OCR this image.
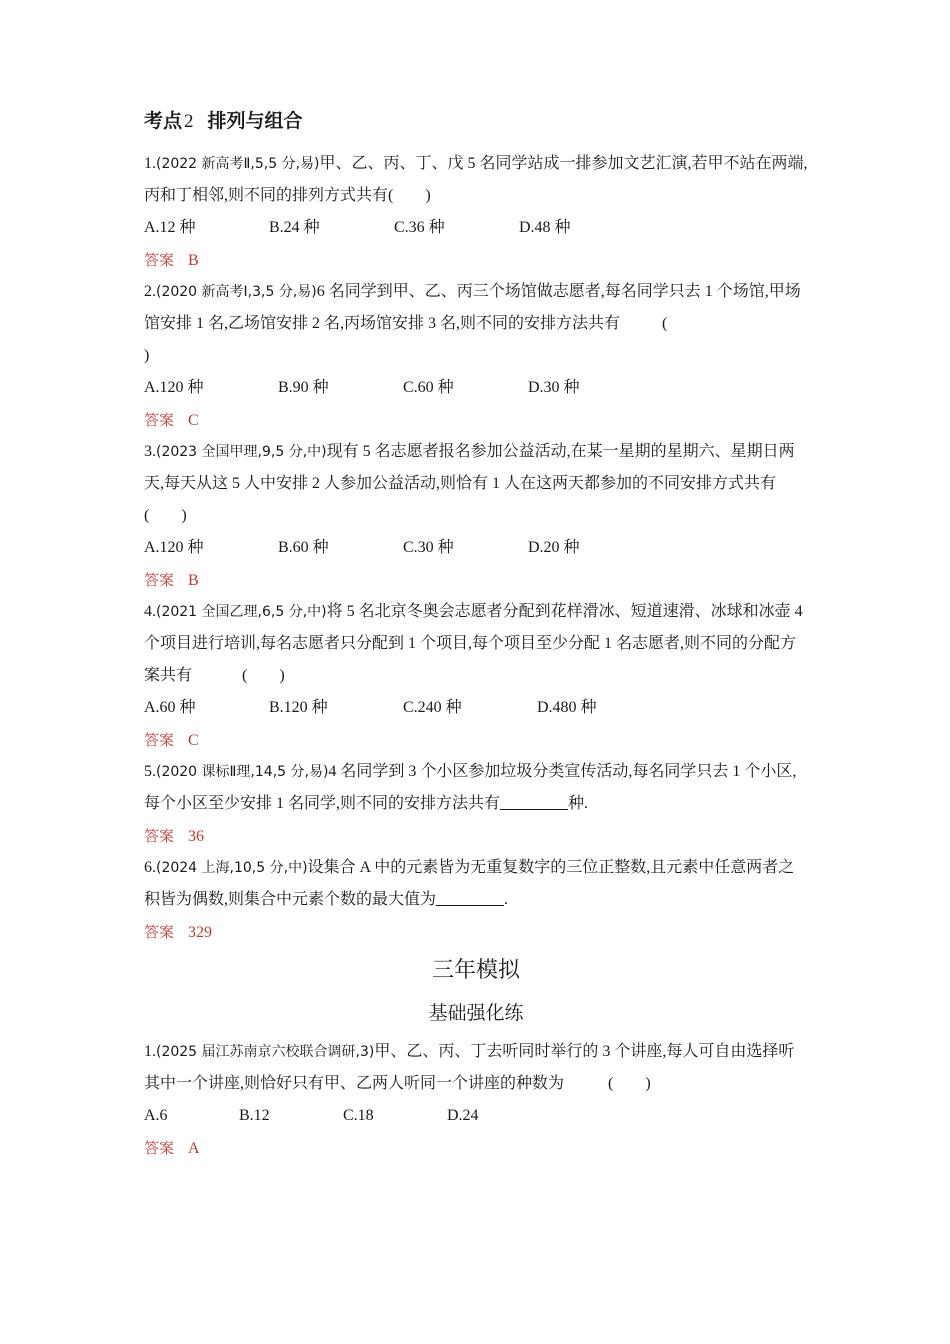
考点 2 排列与组合

1.(2022 新高考Ⅱ,5,5 分,易)甲、乙、丙、丁、戊 5 名同学站成一排参加文艺汇演,若甲不站在两端,丙和丁相邻,则不同的排列方式共有(　　)

A.12 种	B.24 种	C.36 种	D.48 种
答案 B

2.(2020 新高考Ⅰ,3,5 分,易)6 名同学到甲、乙、丙三个场馆做志愿者,每名同学只去 1 个场馆,甲场馆安排 1 名,乙场馆安排 2 名,丙场馆安排 3 名,则不同的安排方法共有	(
)

A.120 种	B.90 种	C.60 种	D.30 种
答案 C

3.(2023 全国甲理,9,5 分,中)现有 5 名志愿者报名参加公益活动,在某一星期的星期六、星期日两天,每天从这 5 人中安排 2 人参加公益活动,则恰有 1 人在这两天都参加的不同安排方式共有(　　)

A.120 种	B.60 种	C.30 种	D.20 种
答案 B

4.(2021 全国乙理,6,5 分,中)将 5 名北京冬奥会志愿者分配到花样滑冰、短道速滑、冰球和冰壶 4 个项目进行培训,每名志愿者只分配到 1 个项目,每个项目至少分配 1 名志愿者,则不同的分配方案共有	(　　)

A.60 种	B.120 种	C.240 种	D.480 种
答案 C

5.(2020 课标Ⅱ理,14,5 分,易)4 名同学到 3 个小区参加垃圾分类宣传活动,每名同学只去 1 个小区,每个小区至少安排 1 名同学,则不同的安排方法共有	种.

答案 36

6.(2024 上海,10,5 分,中)设集合 A 中的元素皆为无重复数字的三位正整数,且元素中任意两者之积皆为偶数,则集合中元素个数的最大值为	.

答案 329
三年模拟
基础强化练

1.(2025 届江苏南京六校联合调研,3)甲、乙、丙、丁去听同时举行的 3 个讲座,每人可自由选择听其中一个讲座,则恰好只有甲、乙两人听同一个讲座的种数为	(　　)

A.6	B.12	C.18	D.24
答案 A
